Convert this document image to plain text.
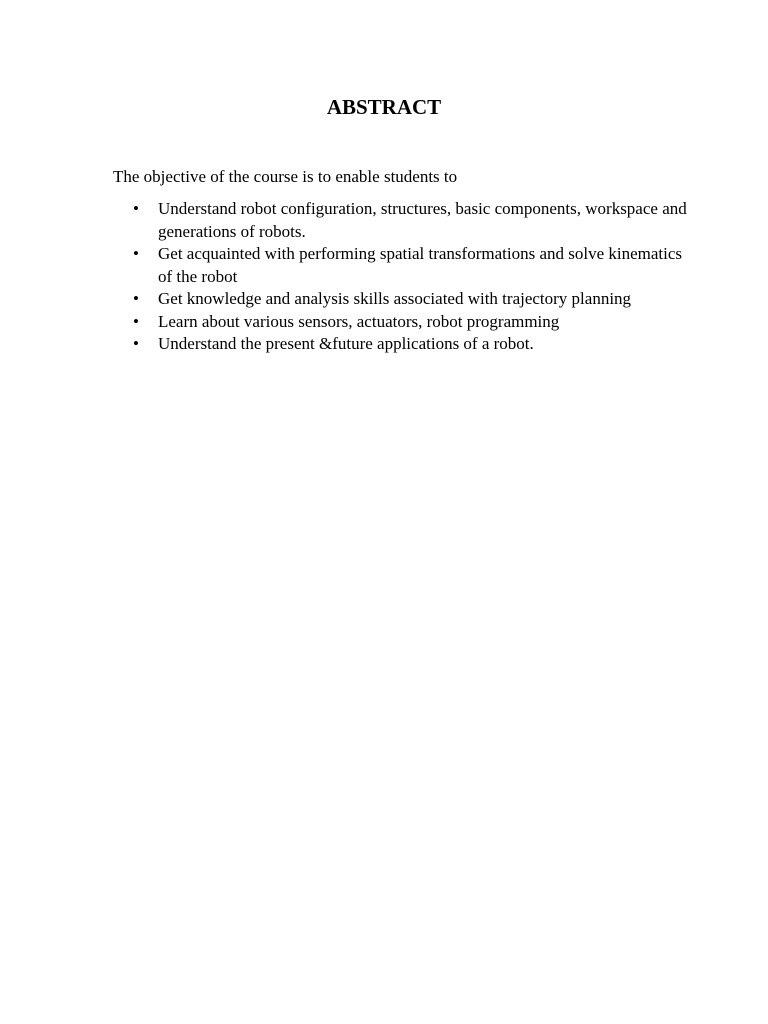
ABSTRACT

The objective of the course is to enable students to

• Understand robot configuration, structures, basic components, workspace and generations of robots.
• Get acquainted with performing spatial transformations and solve kinematics of the robot
• Get knowledge and analysis skills associated with trajectory planning
• Learn about various sensors, actuators, robot programming
• Understand the present &future applications of a robot.
